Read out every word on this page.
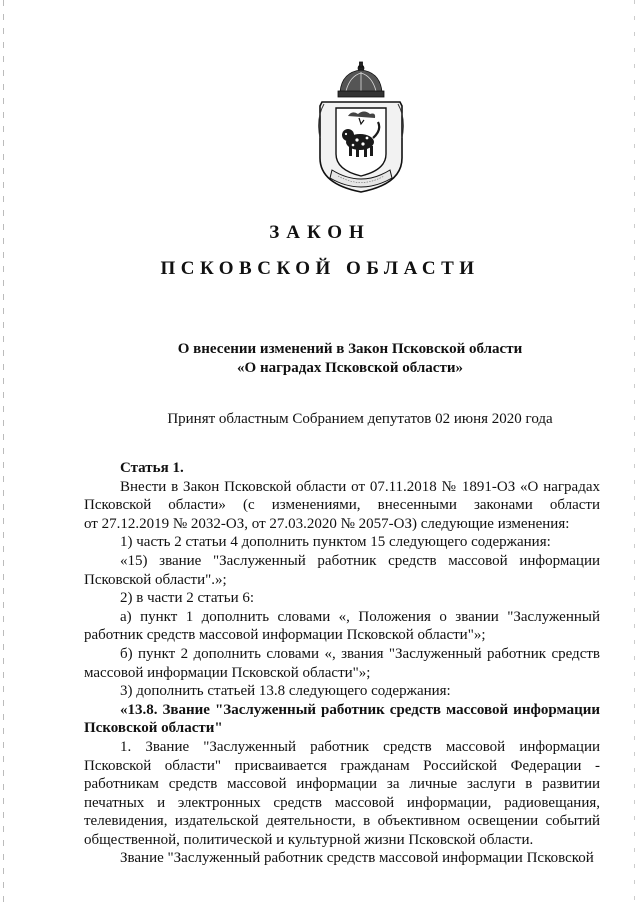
ЗАКОН
ПСКОВСКОЙ ОБЛАСТИ
О внесении изменений в Закон Псковской области
«О наградах Псковской области»
Принят областным Собранием депутатов 02 июня 2020 года

Статья 1.

Внести в Закон Псковской области от 07.11.2018 № 1891-ОЗ «О наградах

Псковской области» (с изменениями, внесенными законами области

от 27.12.2019 № 2032-ОЗ, от 27.03.2020 № 2057-ОЗ) следующие изменения:

1) часть 2 статьи 4 дополнить пунктом 15 следующего содержания:

«15) звание "Заслуженный работник средств массовой информации

Псковской области".»;

2) в части 2 статьи 6:

а) пункт 1 дополнить словами «, Положения о звании "Заслуженный

работник средств массовой информации Псковской области"»;

б) пункт 2 дополнить словами «, звания "Заслуженный работник средств

массовой информации Псковской области"»;

3) дополнить статьей 13.8 следующего содержания:

«13.8. Звание "Заслуженный работник средств массовой информации

Псковской области"

1. Звание "Заслуженный работник средств массовой информации

Псковской области" присваивается гражданам Российской Федерации -

работникам средств массовой информации за личные заслуги в развитии

печатных и электронных средств массовой информации, радиовещания,

телевидения, издательской деятельности, в объективном освещении событий

общественной, политической и культурной жизни Псковской области.

Звание "Заслуженный работник средств массовой информации Псковской
